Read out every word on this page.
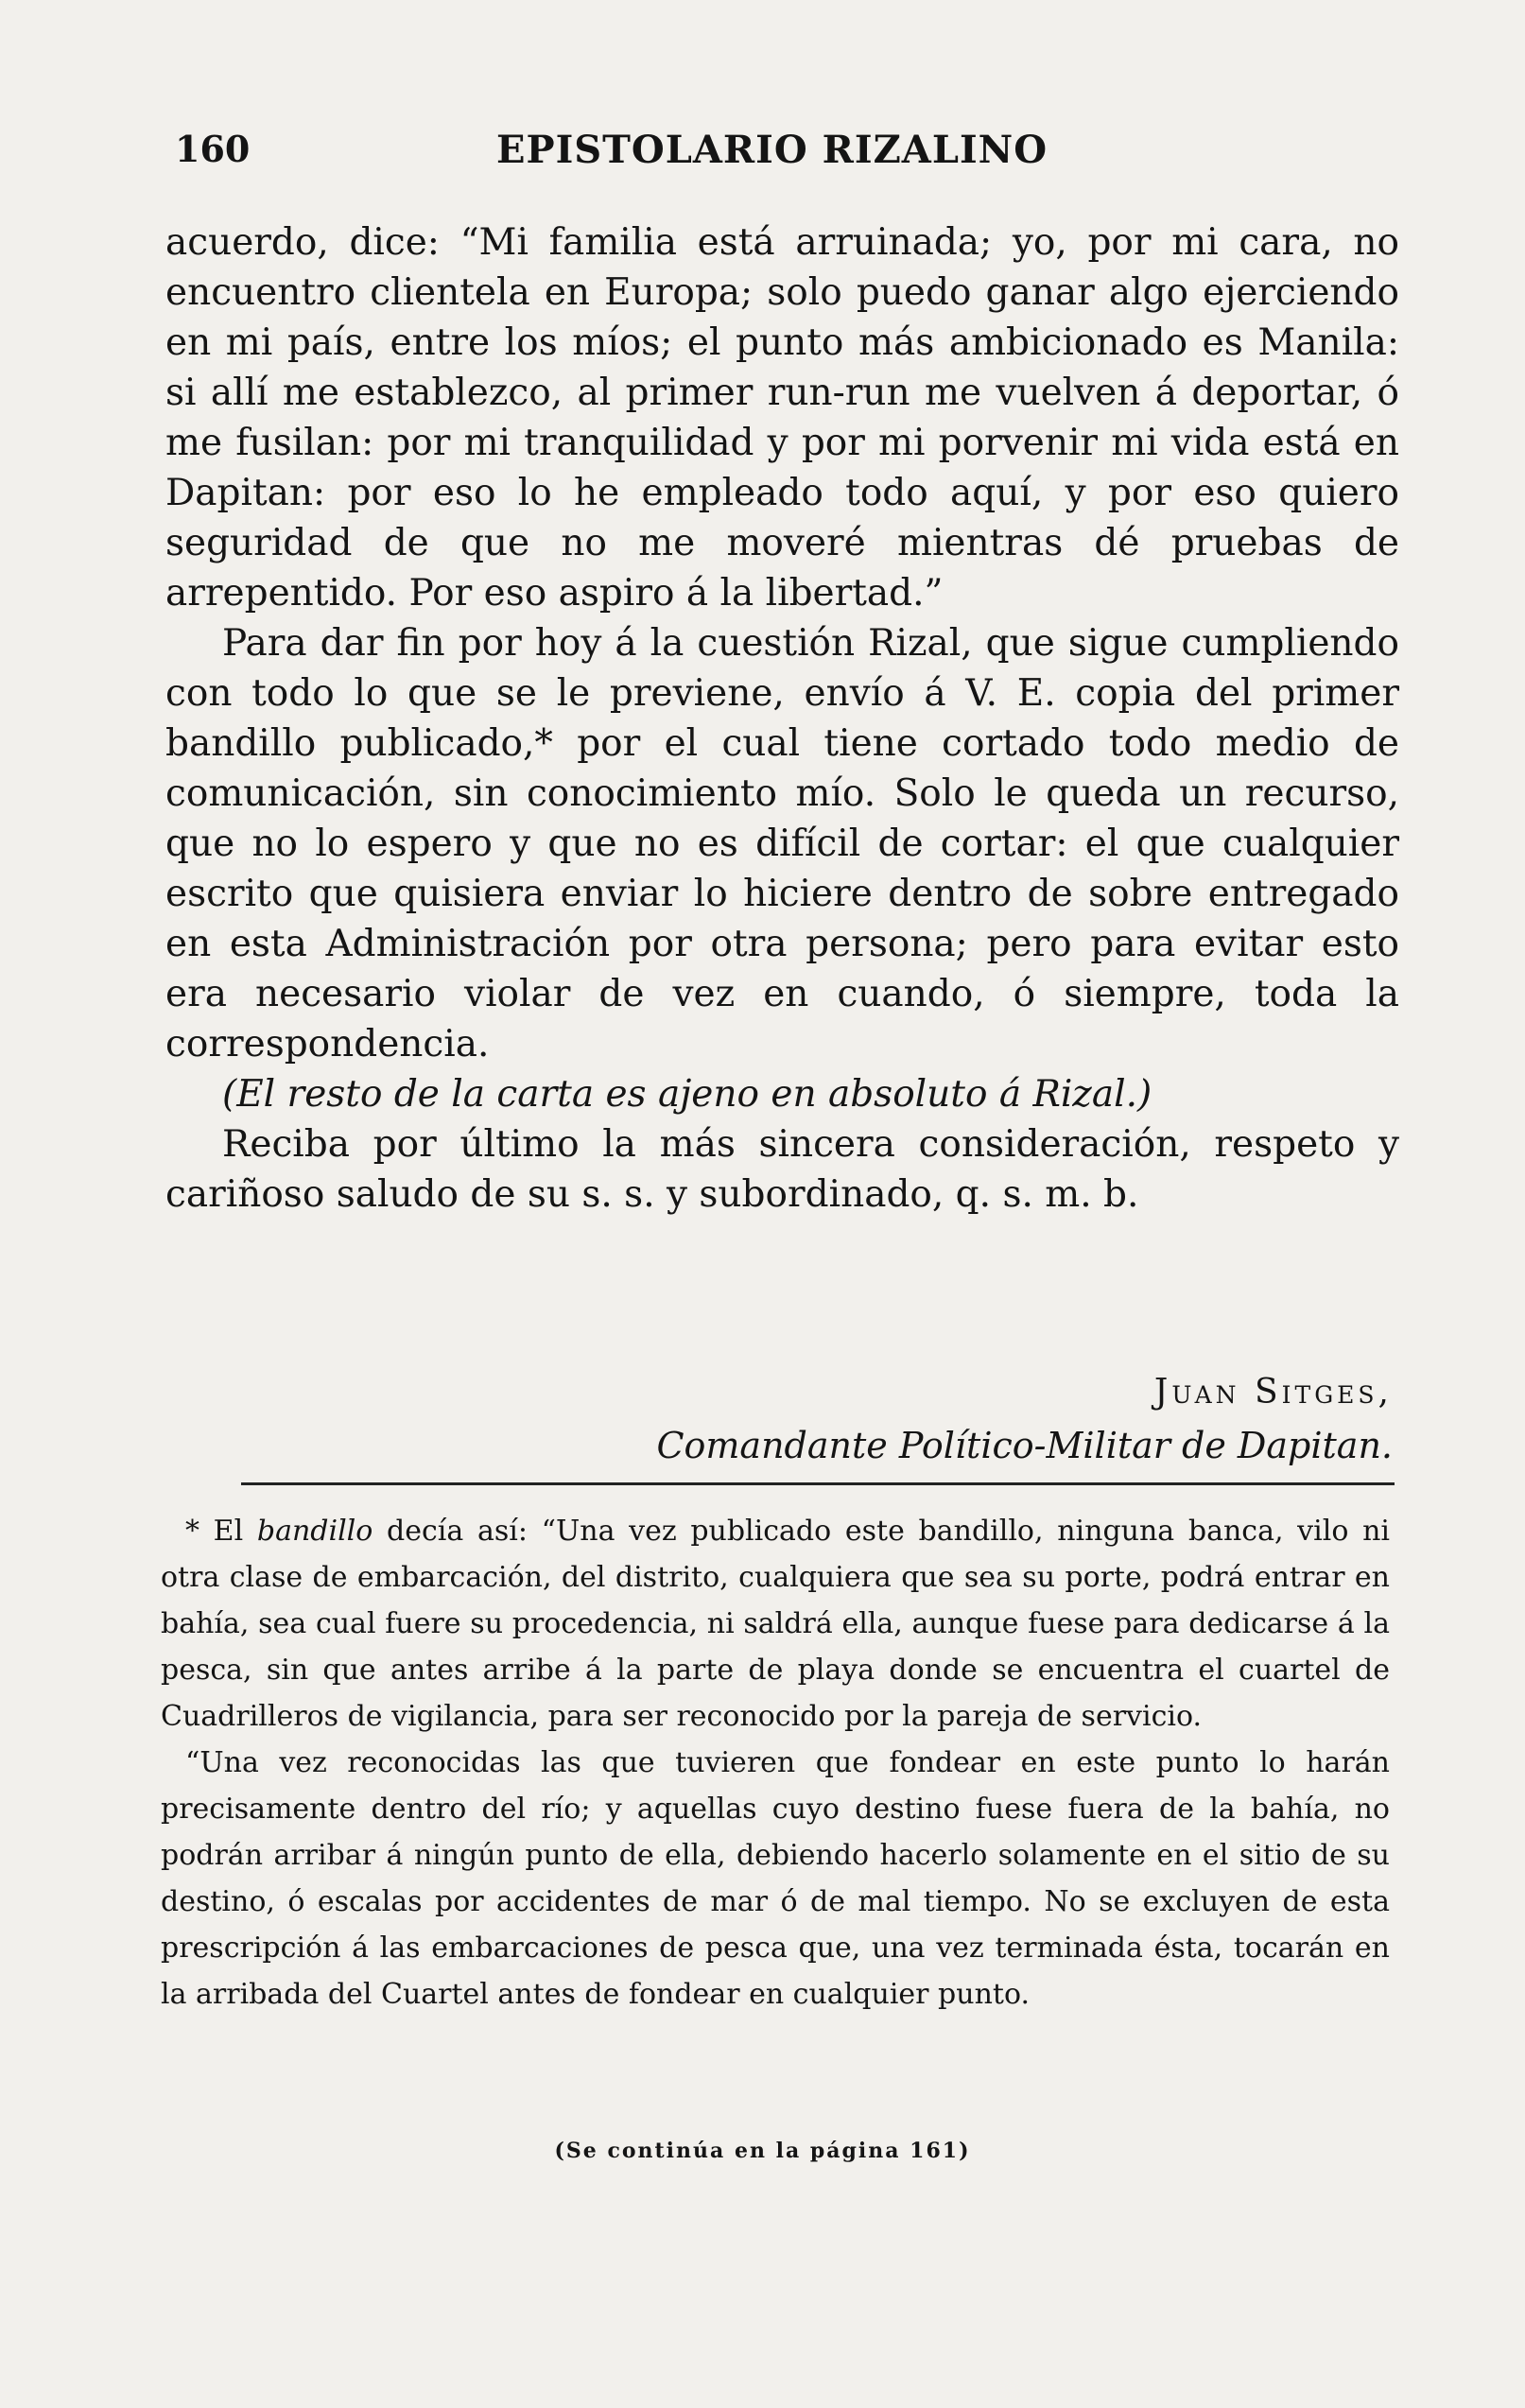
160	EPISTOLARIO RIZALINO

acuerdo, dice: “Mi familia está arruinada; yo, por mi cara, no encuentro clientela en Europa; solo puedo ganar algo ejerciendo en mi país, entre los míos; el punto más ambicionado es Manila: si allí me establezco, al primer run-run me vuelven á deportar, ó me fusilan: por mi tranquilidad y por mi porvenir mi vida está en Dapitan: por eso lo he empleado todo aquí, y por eso quiero seguridad de que no me moveré mientras dé pruebas de arrepentido. Por eso aspiro á la libertad.”

Para dar fin por hoy á la cuestión Rizal, que sigue cumpliendo con todo lo que se le previene, envío á V. E. copia del primer bandillo publicado,* por el cual tiene cortado todo medio de comunicación, sin conocimiento mío. Solo le queda un recurso, que no lo espero y que no es difícil de cortar: el que cualquier escrito que quisiera enviar lo hiciere dentro de sobre entregado en esta Administración por otra persona; pero para evitar esto era necesario violar de vez en cuando, ó siempre, toda la correspondencia.

(El resto de la carta es ajeno en absoluto á Rizal.)

Reciba por último la más sincera consideración, respeto y cariñoso saludo de su s. s. y subordinado, q. s. m. b.

Juan Sitges,
Comandante Político-Militar de Dapitan.

* El bandillo decía así: “Una vez publicado este bandillo, ninguna banca, vilo ni otra clase de embarcación, del distrito, cualquiera que sea su porte, podrá entrar en bahía, sea cual fuere su procedencia, ni saldrá ella, aunque fuese para dedicarse á la pesca, sin que antes arribe á la parte de playa donde se encuentra el cuartel de Cuadrilleros de vigilancia, para ser reconocido por la pareja de servicio.

“Una vez reconocidas las que tuvieren que fondear en este punto lo harán precisamente dentro del río; y aquellas cuyo destino fuese fuera de la bahía, no podrán arribar á ningún punto de ella, debiendo hacerlo solamente en el sitio de su destino, ó escalas por accidentes de mar ó de mal tiempo. No se excluyen de esta prescripción á las embarcaciones de pesca que, una vez terminada ésta, tocarán en la arribada del Cuartel antes de fondear en cualquier punto.

(Se continúa en la página 161)
